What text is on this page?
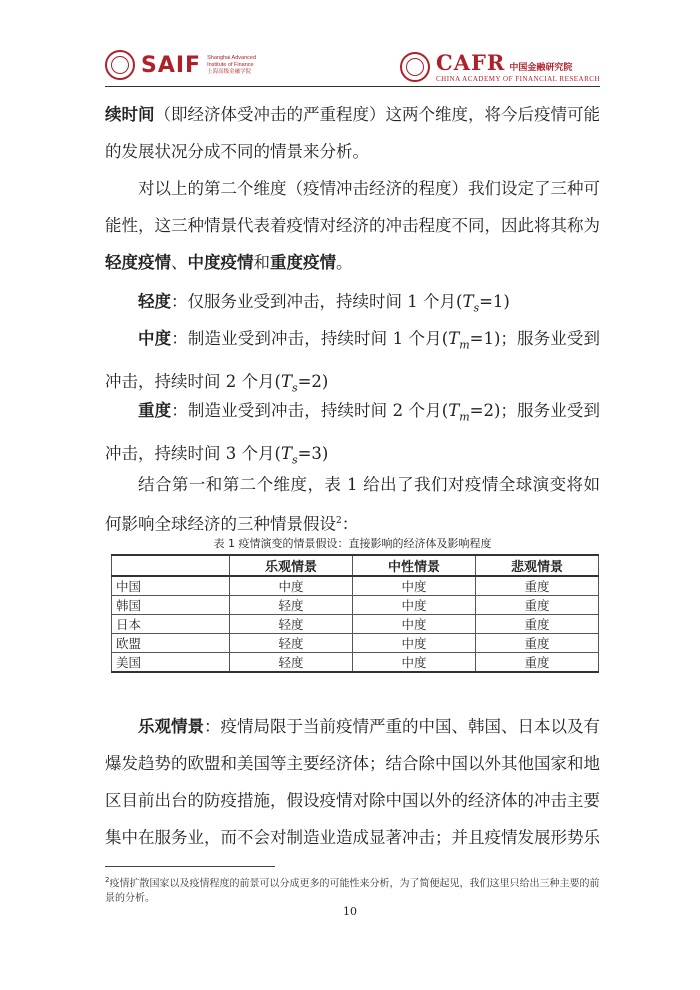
SAIF Shanghai Advanced
Institute of Finance
上海高级金融学院	CAFR 中国金融研究院
CHINA ACADEMY OF FINANCIAL RESEARCH

续时间（即经济体受冲击的严重程度）这两个维度，将今后疫情可能的发展状况分成不同的情景来分析。

对以上的第二个维度（疫情冲击经济的程度）我们设定了三种可能性，这三种情景代表着疫情对经济的冲击程度不同，因此将其称为轻度疫情、中度疫情和重度疫情。

轻度：仅服务业受到冲击，持续时间 1 个月$(T_s=1)$

中度：制造业受到冲击，持续时间 1 个月$(T_m=1)$；服务业受到冲击，持续时间 2 个月$(T_s=2)$

重度：制造业受到冲击，持续时间 2 个月$(T_m=2)$；服务业受到冲击，持续时间 3 个月$(T_s=3)$

结合第一和第二个维度，表 1 给出了我们对疫情全球演变将如何影响全球经济的三种情景假设$^2$：

表 1 疫情演变的情景假设：直接影响的经济体及影响程度
	乐观情景	中性情景	悲观情景
中国	中度	中度	重度
韩国	轻度	中度	重度
日本	轻度	中度	重度
欧盟	轻度	中度	重度
美国	轻度	中度	重度

乐观情景：疫情局限于当前疫情严重的中国、韩国、日本以及有爆发趋势的欧盟和美国等主要经济体；结合除中国以外其他国家和地区目前出台的防疫措施，假设疫情对除中国以外的经济体的冲击主要集中在服务业，而不会对制造业造成显著冲击；并且疫情发展形势乐

$^2$疫情扩散国家以及疫情程度的前景可以分成更多的可能性来分析，为了简便起见，我们这里只给出三种主要的前景的分析。

10
